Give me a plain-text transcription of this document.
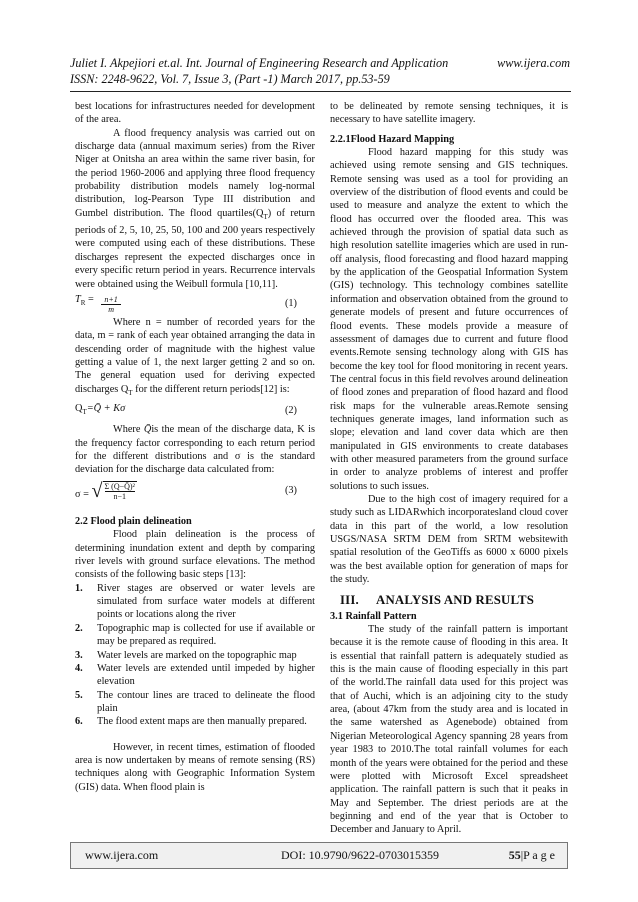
Juliet I. Akpejiori et.al. Int. Journal of Engineering Research and Application	www.ijera.com
ISSN: 2248-9622, Vol. 7, Issue 3, (Part -1) March 2017, pp.53-59

best locations for infrastructures needed for development of the area.

A flood frequency analysis was carried out on discharge data (annual maximum series) from the River Niger at Onitsha an area within the same river basin, for the period 1960-2006 and applying three flood frequency probability distribution models namely log-normal distribution, log-Pearson Type III distribution and Gumbel distribution. The flood $quartiles(Q_T)$ of return periods of 2, 5, 10, 25, 50, 100 and 200 years respectively were computed using each of these distributions. These discharges represent the expected discharges once in every specific return period in years. Recurrence intervals were obtained using the Weibull formula [10,11].

$T_R = \frac{n+1}{m}$	(1)

Where n = number of recorded years for the data, m = rank of each year obtained arranging the data in descending order of magnitude with the highest value getting a value of 1, the next larger getting 2 and so on. The general equation used for deriving expected discharges $Q_T$ for the different return periods[12] is:

$Q_T=Q̄ + K\sigma$	(2)

Where Q̄is the mean of the discharge data, K is the frequency factor corresponding to each return period for the different distributions and σ is the standard deviation for the discharge data calculated from:

σ = √ Σ (Q−Q̄)²
n−1	(3)

2.2 Flood plain delineation

Flood plain delineation is the process of determining inundation extent and depth by comparing river levels with ground surface elevations. The method consists of the following basic steps [13]:

1.	River stages are observed or water levels are simulated from surface water models at different points or locations along the river
2.	Topographic map is collected for use if available or may be prepared as required.
3.	Water levels are marked on the topographic map
4.	Water levels are extended until impeded by higher elevation
5.	The contour lines are traced to delineate the flood plain
6.	The flood extent maps are then manually prepared.

However, in recent times, estimation of flooded area is now undertaken by means of remote sensing (RS) techniques along with Geographic Information System (GIS) data. When flood plain is

to be delineated by remote sensing techniques, it is necessary to have satellite imagery.

2.2.1Flood Hazard Mapping

Flood hazard mapping for this study was achieved using remote sensing and GIS techniques. Remote sensing was used as a tool for providing an overview of the distribution of flood events and could be used to measure and analyze the extent to which the flood has occurred over the flooded area. This was achieved through the provision of spatial data such as high resolution satellite imageries which are used in run-off analysis, flood forecasting and flood hazard mapping by the application of the Geospatial Information System (GIS) technology. This technology combines satellite information and observation obtained from the ground to generate models of present and future occurrences of flood events. These models provide a measure of assessment of damages due to current and future flood events.Remote sensing technology along with GIS has become the key tool for flood monitoring in recent years. The central focus in this field revolves around delineation of flood zones and preparation of flood hazard and flood risk maps for the vulnerable areas.Remote sensing techniques generate images, land information such as slope; elevation and land cover data which are then manipulated in GIS environments to create databases with other measured parameters from the ground surface in order to analyze problems of interest and proffer solutions to such issues.

Due to the high cost of imagery required for a study such as LIDARwhich incorporatesland cloud cover data in this part of the world, a low resolution USGS/NASA SRTM DEM from SRTM websitewith spatial resolution of the GeoTiffs as 6000 x 6000 pixels was the best available option for generation of maps for the study.

III. ANALYSIS AND RESULTS

3.1 Rainfall Pattern

The study of the rainfall pattern is important because it is the remote cause of flooding in this area. It is essential that rainfall pattern is adequately studied as this is the main cause of flooding especially in this part of the world.The rainfall data used for this project was that of Auchi, which is an adjoining city to the study area, (about 47km from the study area and is located in the same watershed as Agenebode) obtained from Nigerian Meteorological Agency spanning 28 years from year 1983 to 2010.The total rainfall volumes for each month of the years were obtained for the period and these were plotted with Microsoft Excel spreadsheet application. The rainfall pattern is such that it peaks in May and September. The driest periods are at the beginning and end of the year that is October to December and January to April.

www.ijera.com	DOI: 10.9790/9622-0703015359	55|P a g e
